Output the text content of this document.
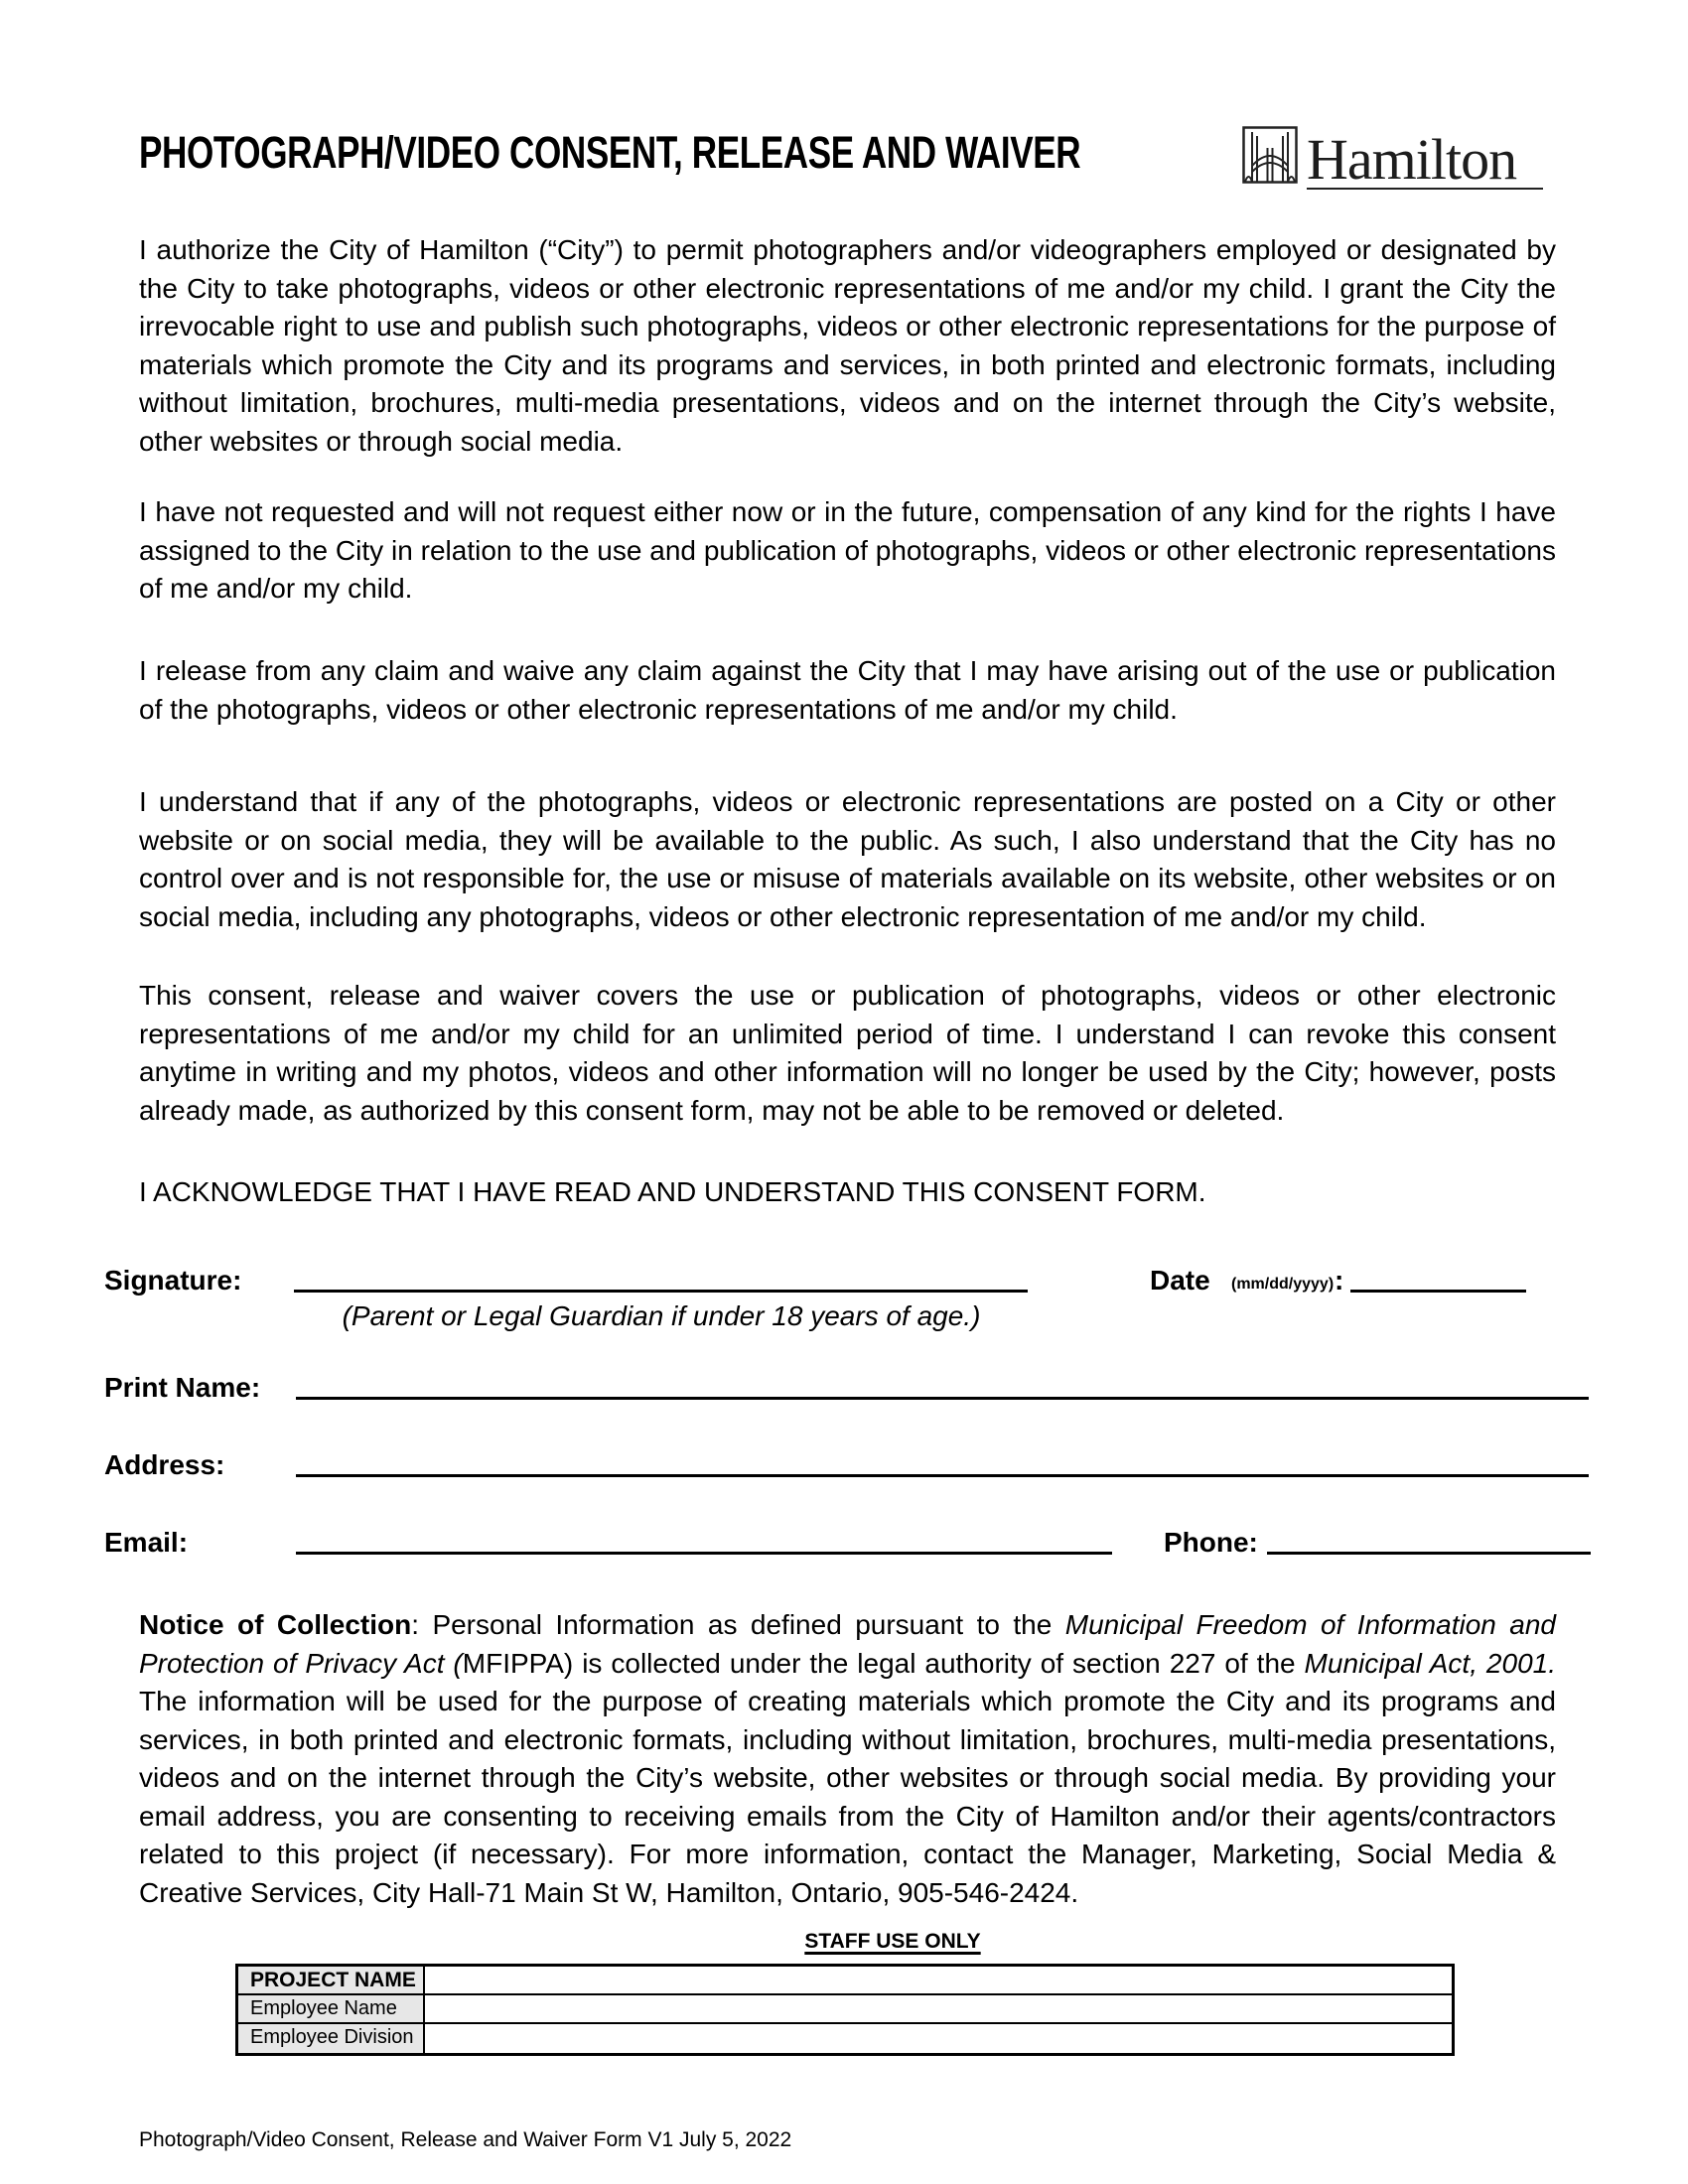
PHOTOGRAPH/VIDEO CONSENT, RELEASE AND WAIVER	Hamilton

I authorize the City of Hamilton (“City”) to permit photographers and/or videographers employed or designated by the City to take photographs, videos or other electronic representations of me and/or my child. I grant the City the irrevocable right to use and publish such photographs, videos or other electronic representations for the purpose of materials which promote the City and its programs and services, in both printed and electronic formats, including without limitation, brochures, multi-media presentations, videos and on the internet through the City’s website, other websites or through social media.

I have not requested and will not request either now or in the future, compensation of any kind for the rights I have assigned to the City in relation to the use and publication of photographs, videos or other electronic representations of me and/or my child.

I release from any claim and waive any claim against the City that I may have arising out of the use or publication of the photographs, videos or other electronic representations of me and/or my child.

I understand that if any of the photographs, videos or electronic representations are posted on a City or other website or on social media, they will be available to the public. As such, I also understand that the City has no control over and is not responsible for, the use or misuse of materials available on its website, other websites or on social media, including any photographs, videos or other electronic representation of me and/or my child.

This consent, release and waiver covers the use or publication of photographs, videos or other electronic representations of me and/or my child for an unlimited period of time. I understand I can revoke this consent anytime in writing and my photos, videos and other information will no longer be used by the City; however, posts already made, as authorized by this consent form, may not be able to be removed or deleted.

I ACKNOWLEDGE THAT I HAVE READ AND UNDERSTAND THIS CONSENT FORM.

Signature:
(Parent or Legal Guardian if under 18 years of age.)
Date (mm/dd/yyyy) :
Print Name:
Address:
Email:	Phone:

Notice of Collection: Personal Information as defined pursuant to the Municipal Freedom of Information and Protection of Privacy Act (MFIPPA) is collected under the legal authority of section 227 of the Municipal Act, 2001. The information will be used for the purpose of creating materials which promote the City and its programs and services, in both printed and electronic formats, including without limitation, brochures, multi-media presentations, videos and on the internet through the City’s website, other websites or through social media. By providing your email address, you are consenting to receiving emails from the City of Hamilton and/or their agents/contractors related to this project (if necessary). For more information, contact the Manager, Marketing, Social Media & Creative Services, City Hall-71 Main St W, Hamilton, Ontario, 905-546-2424.

STAFF USE ONLY
PROJECT NAME
Employee Name
Employee Division
Photograph/Video Consent, Release and Waiver Form V1 July 5, 2022
